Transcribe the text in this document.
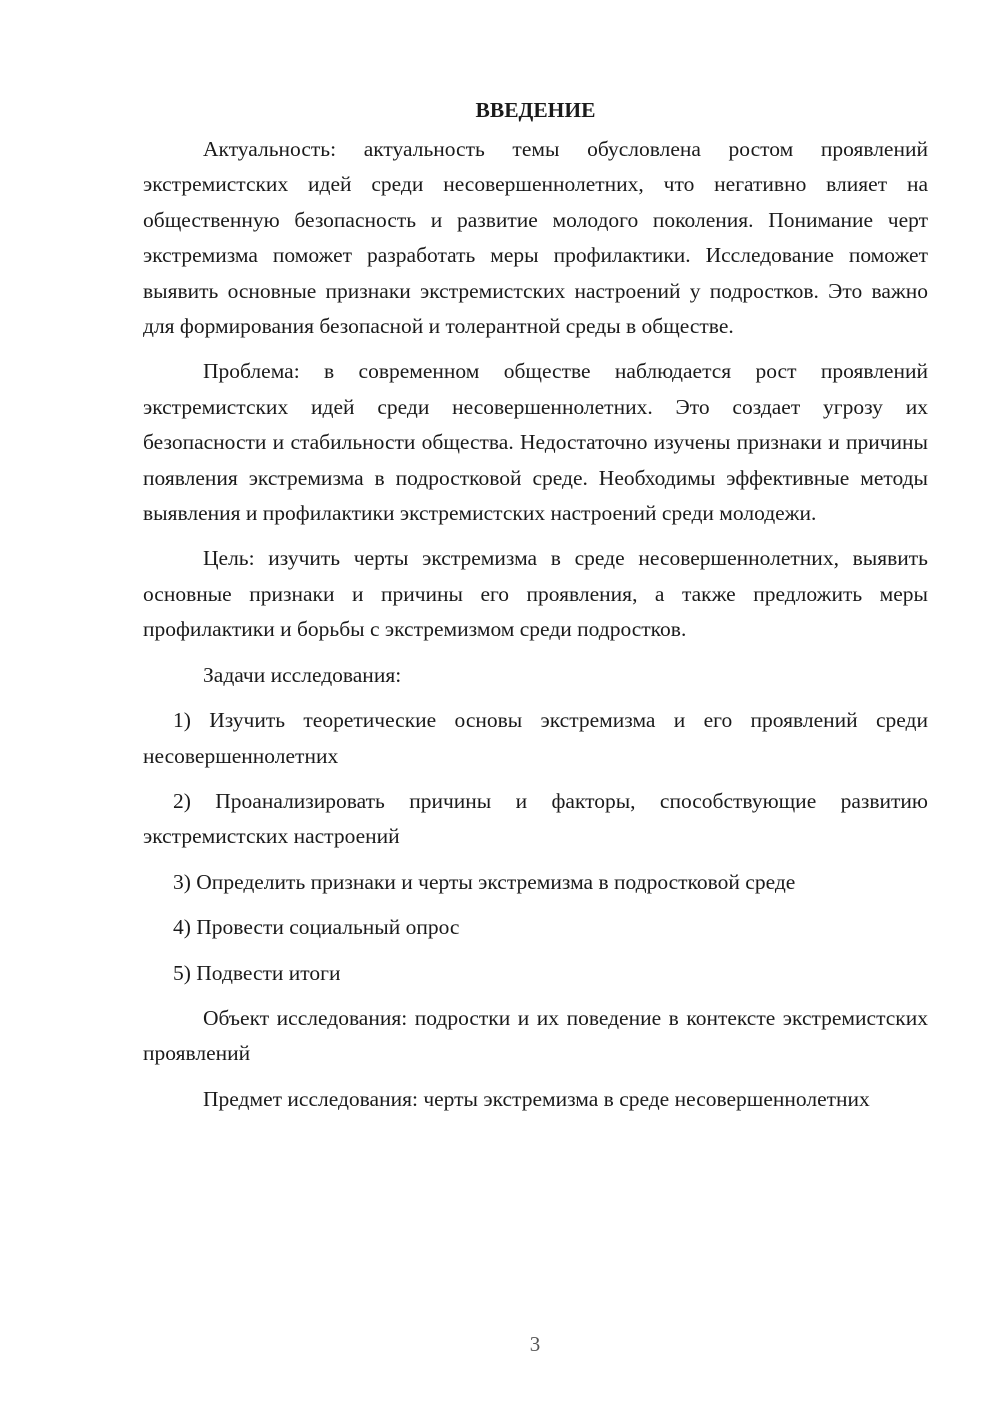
ВВЕДЕНИЕ

Актуальность: актуальность темы обусловлена ростом проявлений экстремистских идей среди несовершеннолетних, что негативно влияет на общественную безопасность и развитие молодого поколения. Понимание черт экстремизма поможет разработать меры профилактики. Исследование поможет выявить основные признаки экстремистских настроений у подростков. Это важно для формирования безопасной и толерантной среды в обществе.

Проблема: в современном обществе наблюдается рост проявлений экстремистских идей среди несовершеннолетних. Это создает угрозу их безопасности и стабильности общества. Недостаточно изучены признаки и причины появления экстремизма в подростковой среде. Необходимы эффективные методы выявления и профилактики экстремистских настроений среди молодежи.

Цель: изучить черты экстремизма в среде несовершеннолетних, выявить основные признаки и причины его проявления, а также предложить меры профилактики и борьбы с экстремизмом среди подростков.

Задачи исследования:

1) Изучить теоретические основы экстремизма и его проявлений среди несовершеннолетних

2) Проанализировать причины и факторы, способствующие развитию экстремистских настроений

3) Определить признаки и черты экстремизма в подростковой среде

4) Провести социальный опрос

5) Подвести итоги

Объект исследования: подростки и их поведение в контексте экстремистских проявлений

Предмет исследования: черты экстремизма в среде несовершеннолетних

3
